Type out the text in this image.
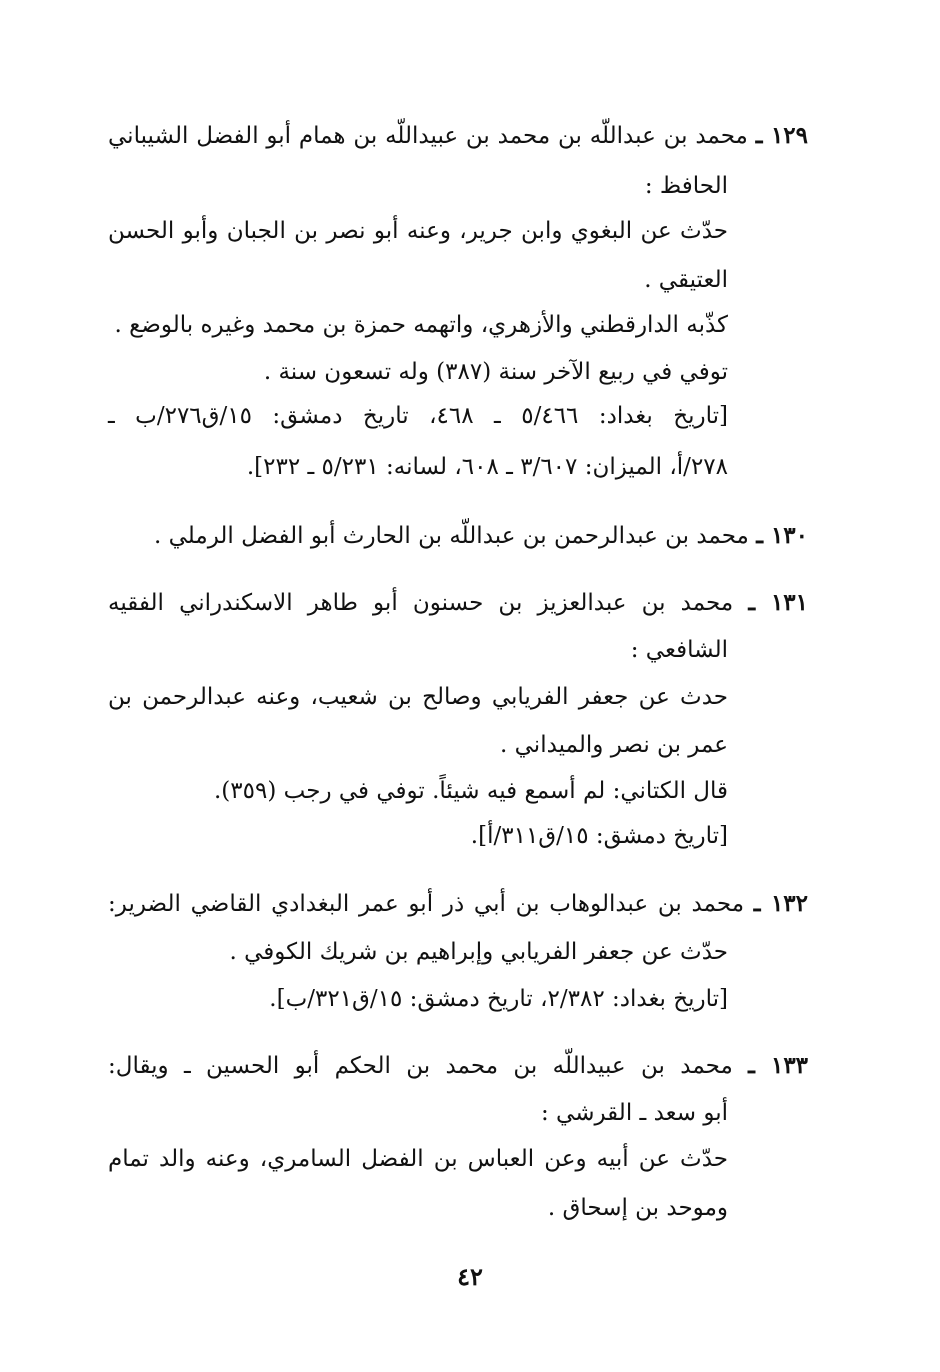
١٢٩ ـ محمد بن عبداللّه بن محمد بن عبيداللّه بن همام أبو الفضل الشيباني
الحافظ :
حدّث عن البغوي وابن جرير، وعنه أبو نصر بن الجبان وأبو الحسن
العتيقي .
كذّبه الدارقطني والأزهري، واتهمه حمزة بن محمد وغيره بالوضع .
توفي في ربيع الآخر سنة (٣٨٧) وله تسعون سنة .
[تاريخ بغداد: ٥/٤٦٦ ـ ٤٦٨، تاريخ دمشق: ١٥/ق٢٧٦/ب ـ
٢٧٨/أ، الميزان: ٣/٦٠٧ ـ ٦٠٨، لسانه: ٥/٢٣١ ـ ٢٣٢].
١٣٠ ـ محمد بن عبدالرحمن بن عبداللّه بن الحارث أبو الفضل الرملي .
١٣١ ـ محمد بن عبدالعزيز بن حسنون أبو طاهر الاسكندراني الفقيه
الشافعي :
حدث عن جعفر الفريابي وصالح بن شعيب، وعنه عبدالرحمن بن
عمر بن نصر والميداني .
قال الكتاني: لم أسمع فيه شيئاً. توفي في رجب (٣٥٩).
[تاريخ دمشق: ١٥/ق٣١١/أ].
١٣٢ ـ محمد بن عبدالوهاب بن أبي ذر أبو عمر البغدادي القاضي الضرير:
حدّث عن جعفر الفريابي وإبراهيم بن شريك الكوفي .
[تاريخ بغداد: ٢/٣٨٢، تاريخ دمشق: ١٥/ق٣٢١/ب].
١٣٣ ـ محمد بن عبيداللّه بن محمد بن الحكم أبو الحسين ـ ويقال:
أبو سعد ـ القرشي :
حدّث عن أبيه وعن العباس بن الفضل السامري، وعنه والد تمام
وموحد بن إسحاق .
٤٢
